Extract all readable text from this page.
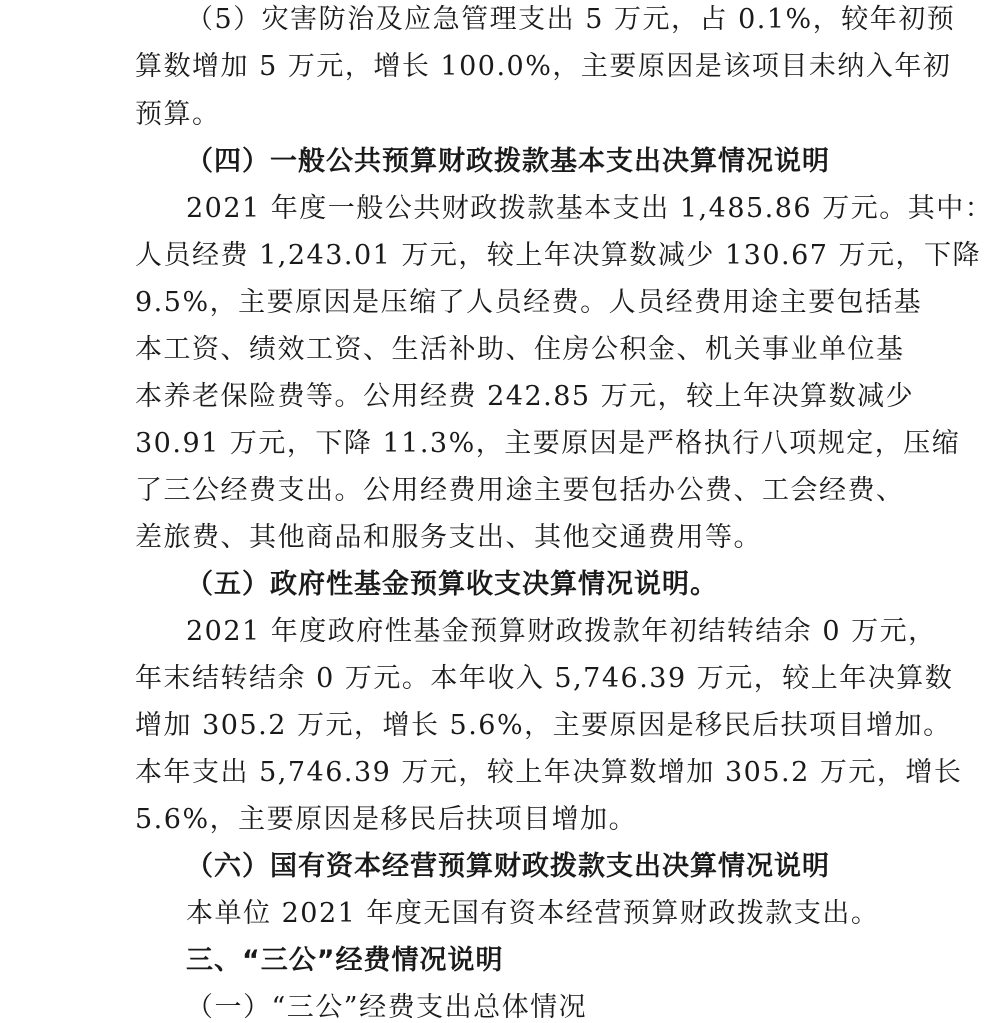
（5）灾害防治及应急管理支出 5 万元，占 0.1%，较年初预
算数增加 5 万元，增长 100.0%，主要原因是该项目未纳入年初
预算。
（四）一般公共预算财政拨款基本支出决算情况说明
2021 年度一般公共财政拨款基本支出 1,485.86 万元。其中：
人员经费 1,243.01 万元，较上年决算数减少 130.67 万元，下降
9.5%，主要原因是压缩了人员经费。人员经费用途主要包括基
本工资、绩效工资、生活补助、住房公积金、机关事业单位基
本养老保险费等。公用经费 242.85 万元，较上年决算数减少
30.91 万元，下降 11.3%，主要原因是严格执行八项规定，压缩
了三公经费支出。公用经费用途主要包括办公费、工会经费、
差旅费、其他商品和服务支出、其他交通费用等。
（五）政府性基金预算收支决算情况说明。
2021 年度政府性基金预算财政拨款年初结转结余 0 万元，
年末结转结余 0 万元。本年收入 5,746.39 万元，较上年决算数
增加 305.2 万元，增长 5.6%，主要原因是移民后扶项目增加。
本年支出 5,746.39 万元，较上年决算数增加 305.2 万元，增长
5.6%，主要原因是移民后扶项目增加。
（六）国有资本经营预算财政拨款支出决算情况说明
本单位 2021 年度无国有资本经营预算财政拨款支出。
三、“三公”经费情况说明
（一）“三公”经费支出总体情况
